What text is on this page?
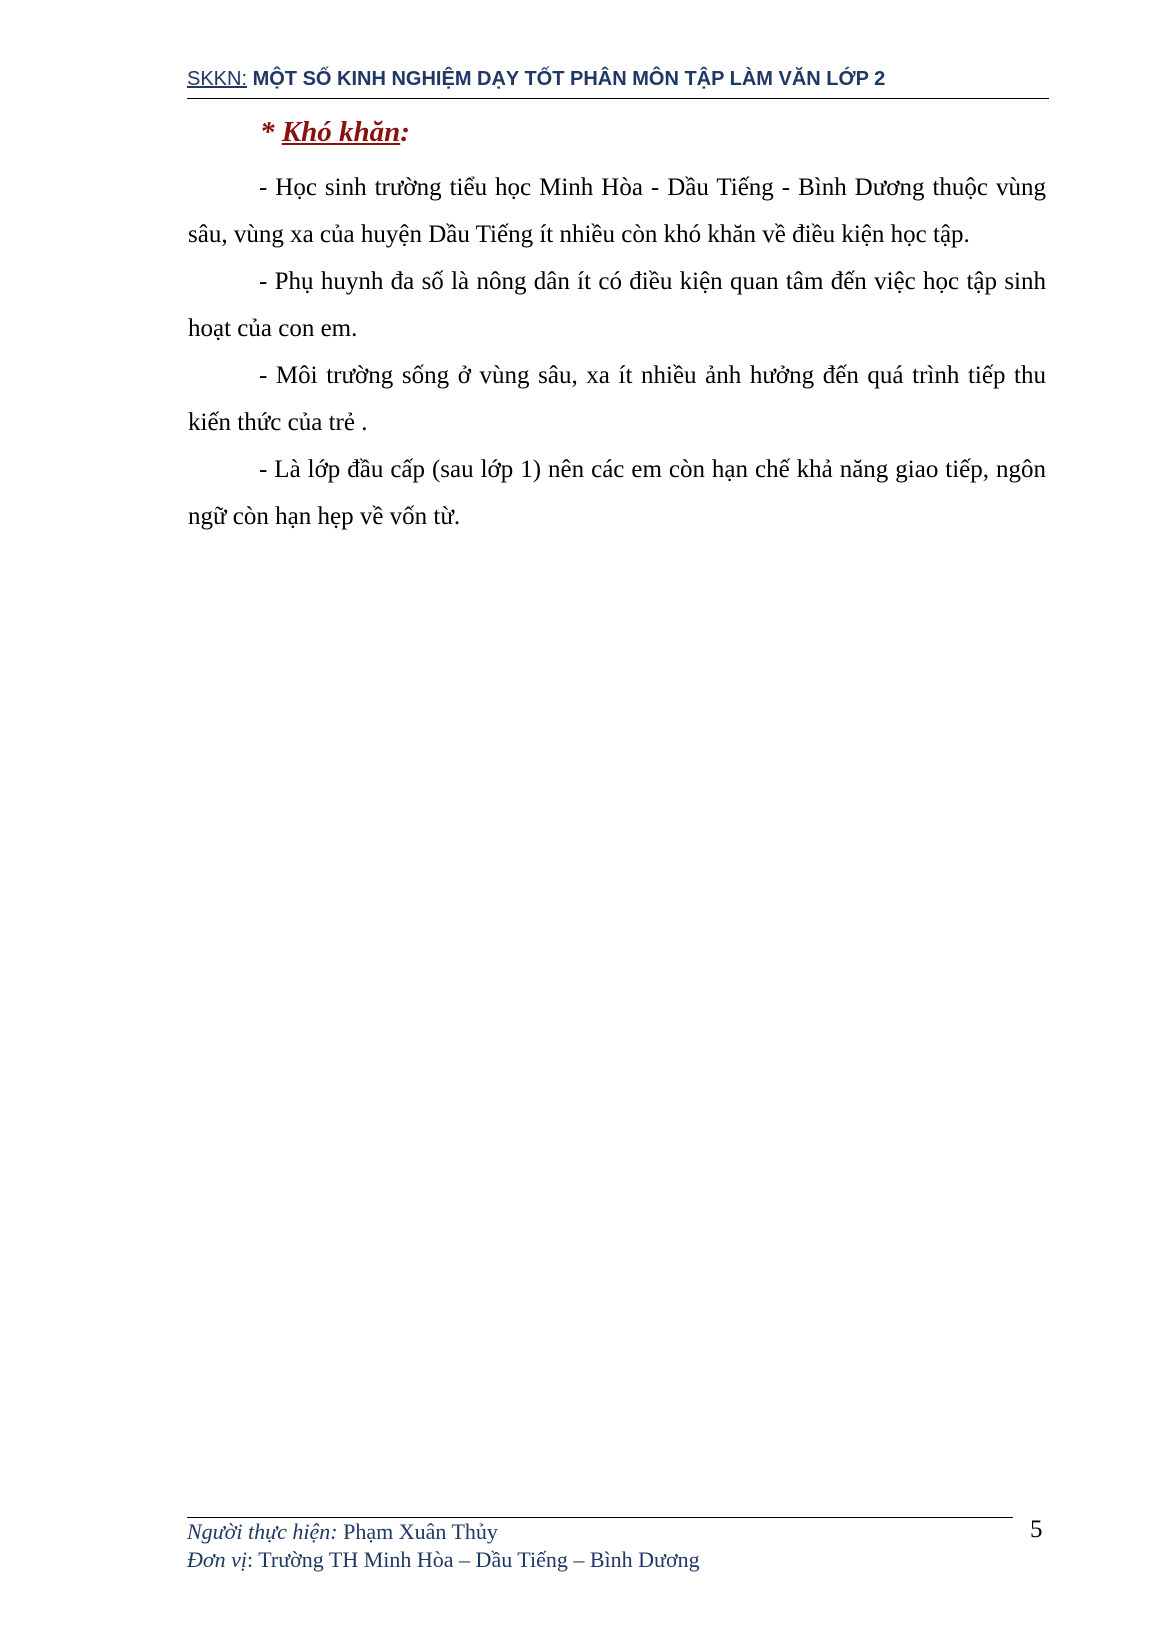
SKKN: MỘT SỐ KINH NGHIỆM DẠY TỐT PHÂN MÔN TẬP LÀM VĂN LỚP 2
* Khó khăn:

- Học sinh trường tiểu học Minh Hòa - Dầu Tiếng - Bình Dương thuộc vùng sâu, vùng xa của huyện Dầu Tiếng ít nhiều còn khó khăn về điều kiện học tập.

- Phụ huynh đa số là nông dân ít có điều kiện quan tâm đến việc học tập sinh hoạt của con em.

- Môi trường sống ở vùng sâu, xa ít nhiều ảnh hưởng đến quá trình tiếp thu kiến thức của trẻ .

- Là lớp đầu cấp (sau lớp 1) nên các em còn hạn chế khả năng giao tiếp, ngôn ngữ còn hạn hẹp về vốn từ.

Người thực hiện: Phạm Xuân Thủy
Đơn vị: Trường TH Minh Hòa – Dầu Tiếng – Bình Dương
5
